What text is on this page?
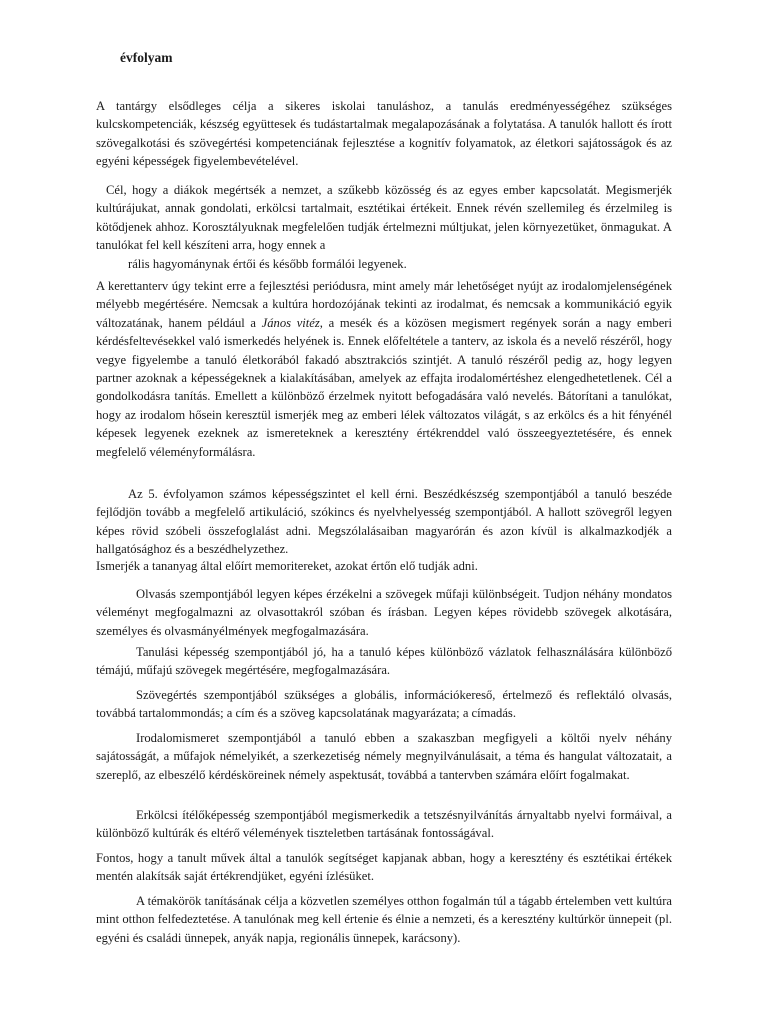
évfolyam

A tantárgy elsődleges célja a sikeres iskolai tanuláshoz, a tanulás eredményességéhez szükséges kulcskompetenciák, készség együttesek és tudástartalmak megalapozásának a folytatása. A tanulók hallott és írott szövegalkotási és szövegértési kompetenciának fejlesztése a kognitív folyamatok, az életkori sajátosságok és az egyéni képességek figyelembevételével.

Cél, hogy a diákok megértsék a nemzet, a szűkebb közösség és az egyes ember kapcsolatát. Megismerjék kultúrájukat, annak gondolati, erkölcsi tartalmait, esztétikai értékeit. Ennek révén szellemileg és érzelmileg is kötődjenek ahhoz. Korosztályuknak megfelelően tudják értelmezni múltjukat, jelen környezetüket, önmagukat. A tanulókat fel kell készíteni arra, hogy ennek a
rális hagyománynak értői és később formálói legyenek.

A kerettanterv úgy tekint erre a fejlesztési periódusra, mint amely már lehetőséget nyújt az irodalomjelenségének mélyebb megértésére. Nemcsak a kultúra hordozójának tekinti az irodalmat, és nemcsak a kommunikáció egyik változatának, hanem például a János vitéz, a mesék és a közösen megismert regények során a nagy emberi kérdésfeltevésekkel való ismerkedés helyének is. Ennek előfeltétele a tanterv, az iskola és a nevelő részéről, hogy vegye figyelembe a tanuló életkorából fakadó absztrakciós szintjét. A tanuló részéről pedig az, hogy legyen partner azoknak a képességeknek a kialakításában, amelyek az effajta irodalomértéshez elengedhetetlenek. Cél a gondolkodásra tanítás. Emellett a különböző érzelmek nyitott befogadására való nevelés. Bátorítani a tanulókat, hogy az irodalom hősein keresztül ismerjék meg az emberi lélek változatos világát, s az erkölcs és a hit fényénél képesek legyenek ezeknek az ismereteknek a keresztény értékrenddel való összeegyeztetésére, és ennek megfelelő véleményformálásra.

Az 5. évfolyamon számos képességszintet el kell érni. Beszédkészség szempontjából a tanuló beszéde fejlődjön tovább a megfelelő artikuláció, szókincs és nyelvhelyesség szempontjából. A hallott szövegről legyen képes rövid szóbeli összefoglalást adni. Megszólalásaiban magyarórán és azon kívül is alkalmazkodjék a hallgatósághoz és a beszédhelyzethez.

Ismerjék a tananyag által előírt memoritereket, azokat értőn elő tudják adni.

Olvasás szempontjából legyen képes érzékelni a szövegek műfaji különbségeit. Tudjon néhány mondatos véleményt megfogalmazni az olvasottakról szóban és írásban. Legyen képes rövidebb szövegek alkotására, személyes és olvasmányélmények megfogalmazására.

Tanulási képesség szempontjából jó, ha a tanuló képes különböző vázlatok felhasználására különböző témájú, műfajú szövegek megértésére, megfogalmazására.

Szövegértés szempontjából szükséges a globális, információkereső, értelmező és reflektáló olvasás, továbbá tartalommondás; a cím és a szöveg kapcsolatának magyarázata; a címadás.

Irodalomismeret szempontjából a tanuló ebben a szakaszban megfigyeli a költői nyelv néhány sajátosságát, a műfajok némelyikét, a szerkezetiség némely megnyilvánulásait, a téma és hangulat változatait, a szereplő, az elbeszélő kérdésköreinek némely aspektusát, továbbá a tantervben számára előírt fogalmakat.

Erkölcsi ítélőképesség szempontjából megismerkedik a tetszésnyilvánítás árnyaltabb nyelvi formáival, a különböző kultúrák és eltérő vélemények tiszteletben tartásának fontosságával.

Fontos, hogy a tanult művek által a tanulók segítséget kapjanak abban, hogy a keresztény és esztétikai értékek mentén alakítsák saját értékrendjüket, egyéni ízlésüket.

A témakörök tanításának célja a közvetlen személyes otthon fogalmán túl a tágabb értelemben vett kultúra mint otthon felfedeztetése. A tanulónak meg kell értenie és élnie a nemzeti, és a keresztény kultúrkör ünnepeit (pl. egyéni és családi ünnepek, anyák napja, regionális ünnepek, karácsony).
